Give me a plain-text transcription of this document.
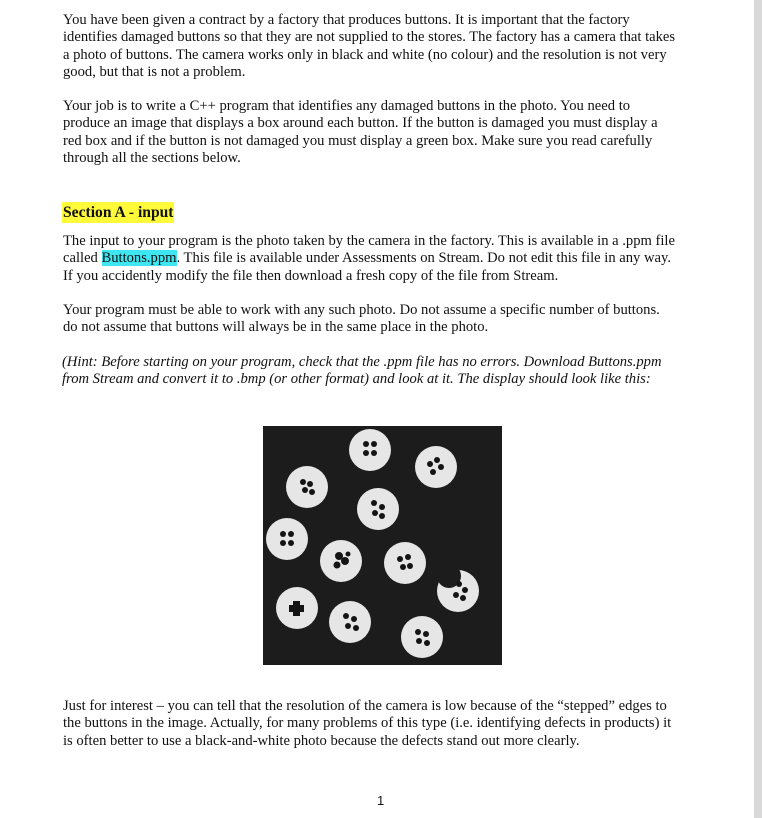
You have been given a contract by a factory that produces buttons. It is important that the factory
identifies damaged buttons so that they are not supplied to the stores. The factory has a camera that takes
a photo of buttons. The camera works only in black and white (no colour) and the resolution is not very
good, but that is not a problem.

Your job is to write a C++ program that identifies any damaged buttons in the photo. You need to
produce an image that displays a box around each button. If the button is damaged you must display a
red box and if the button is not damaged you must display a green box. Make sure you read carefully
through all the sections below.

Section A - input

The input to your program is the photo taken by the camera in the factory. This is available in a .ppm file
called Buttons.ppm. This file is available under Assessments on Stream. Do not edit this file in any way.
If you accidently modify the file then download a fresh copy of the file from Stream.

Your program must be able to work with any such photo. Do not assume a specific number of buttons.
do not assume that buttons will always be in the same place in the photo.

(Hint: Before starting on your program, check that the .ppm file has no errors. Download Buttons.ppm
from Stream and convert it to .bmp (or other format) and look at it. The display should look like this:

Just for interest – you can tell that the resolution of the camera is low because of the “stepped” edges to
the buttons in the image. Actually, for many problems of this type (i.e. identifying defects in products) it
is often better to use a black-and-white photo because the defects stand out more clearly.

1
